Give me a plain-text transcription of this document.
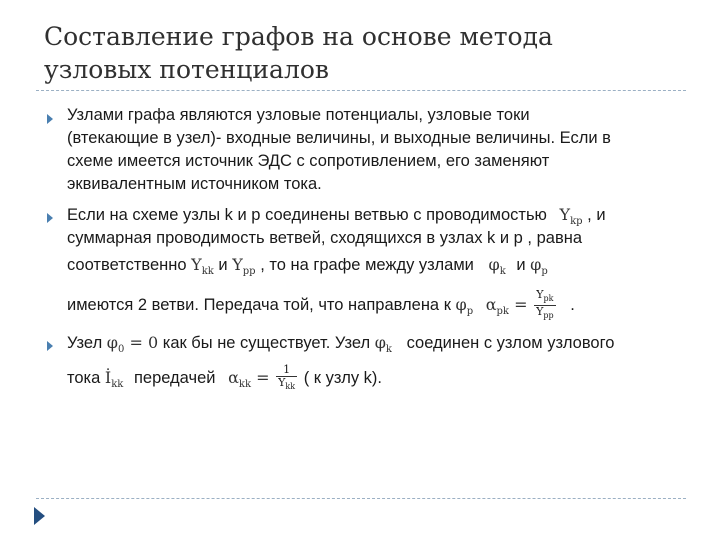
Составление графов на основе метода
узловых потенциалов
Узлами графа являются узловые потенциалы, узловые токи
(втекающие в узел)- входные величины, и выходные величины. Если в
схеме имеется источник ЭДС с сопротивлением, его заменяют
эквивалентным источником тока.
Если на схеме узлы k и p соединены ветвью с проводимостью $Y_{kp}$ , и
суммарная проводимость ветвей, сходящихся в узлах k и p , равна
соответственно $Y_{kk}$ и $Y_{pp}$ , то на графе между узлами $\varphi_k$ и $\varphi_p$
имеются 2 ветви. Передача той, что направлена к $\varphi_p$ $\alpha_{pk} = \frac{Y_{pk}}{Y_{pp}}$ .
Узел $\varphi_0 = 0$ как бы не существует. Узел $\varphi_k$ соединен с узлом узлового
тока $İ_{kk}$ передачей $\alpha_{kk} = \frac{1}{Y_{kk}}$ ( к узлу k).
